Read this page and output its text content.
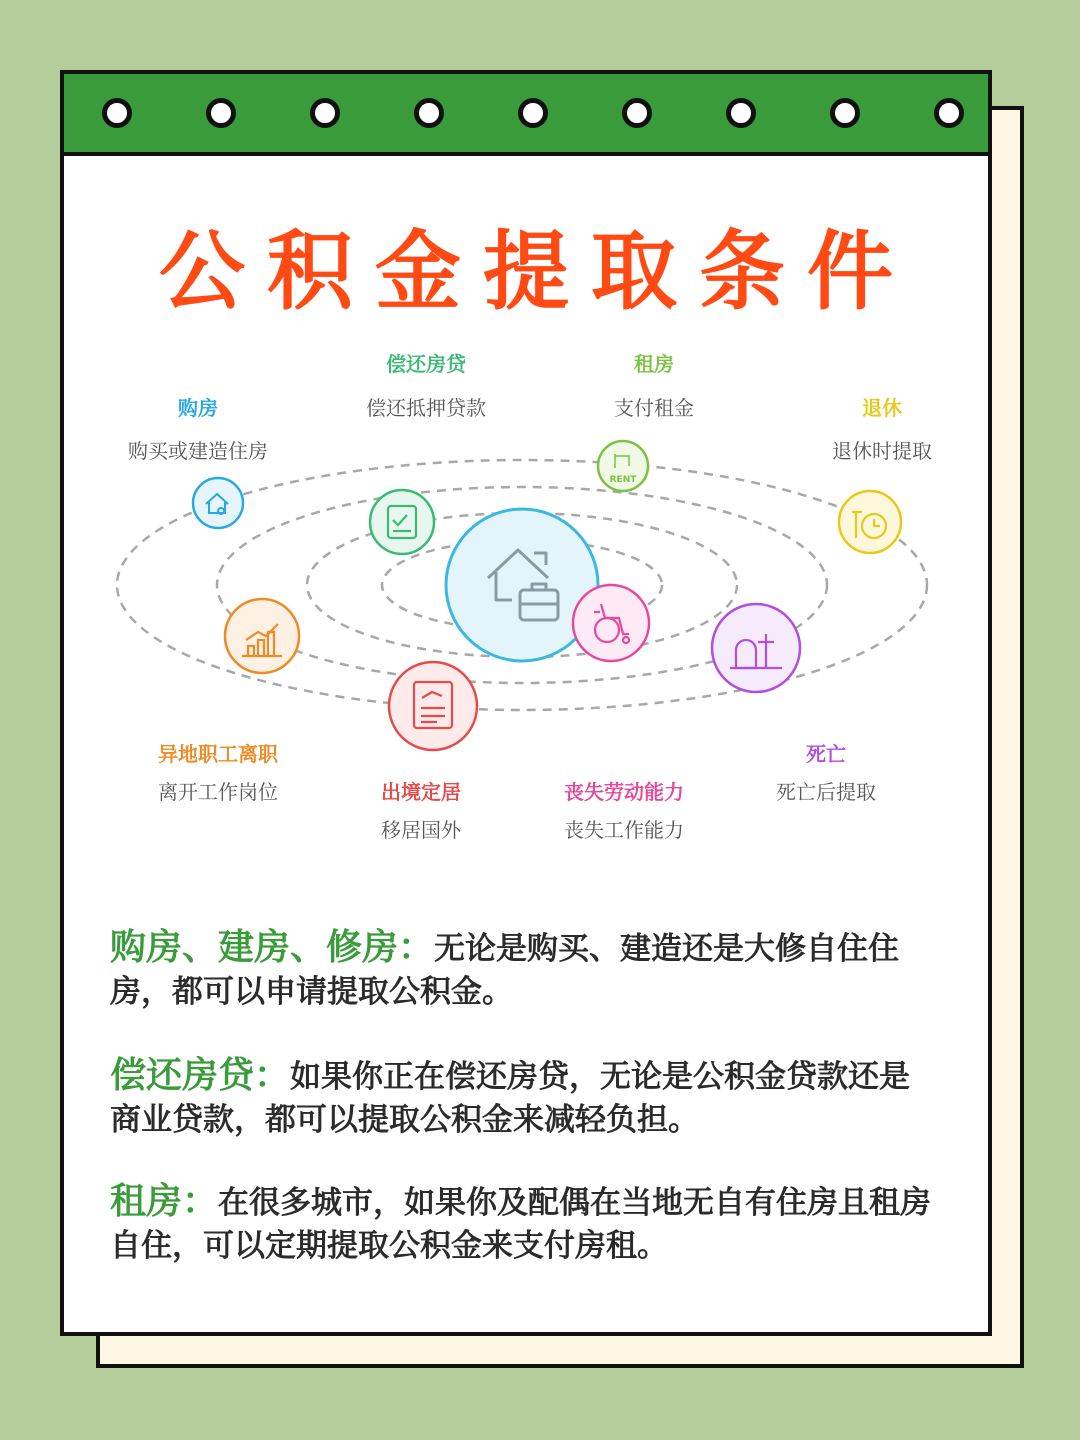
公积金提取条件
RENT
购房
购买或建造住房
偿还房贷
偿还抵押贷款
租房
支付租金	退休
退休时提取
异地职工离职
离开工作岗位	出境定居
移居国外
丧失劳动能力
丧失工作能力
死亡
死亡后提取
购房、建房、修房：无论是购买、建造还是大修自住住房，都可以申请提取公积金。
偿还房贷：如果你正在偿还房贷，无论是公积金贷款还是商业贷款，都可以提取公积金来减轻负担。
租房：在很多城市，如果你及配偶在当地无自有住房且租房自住，可以定期提取公积金来支付房租。
